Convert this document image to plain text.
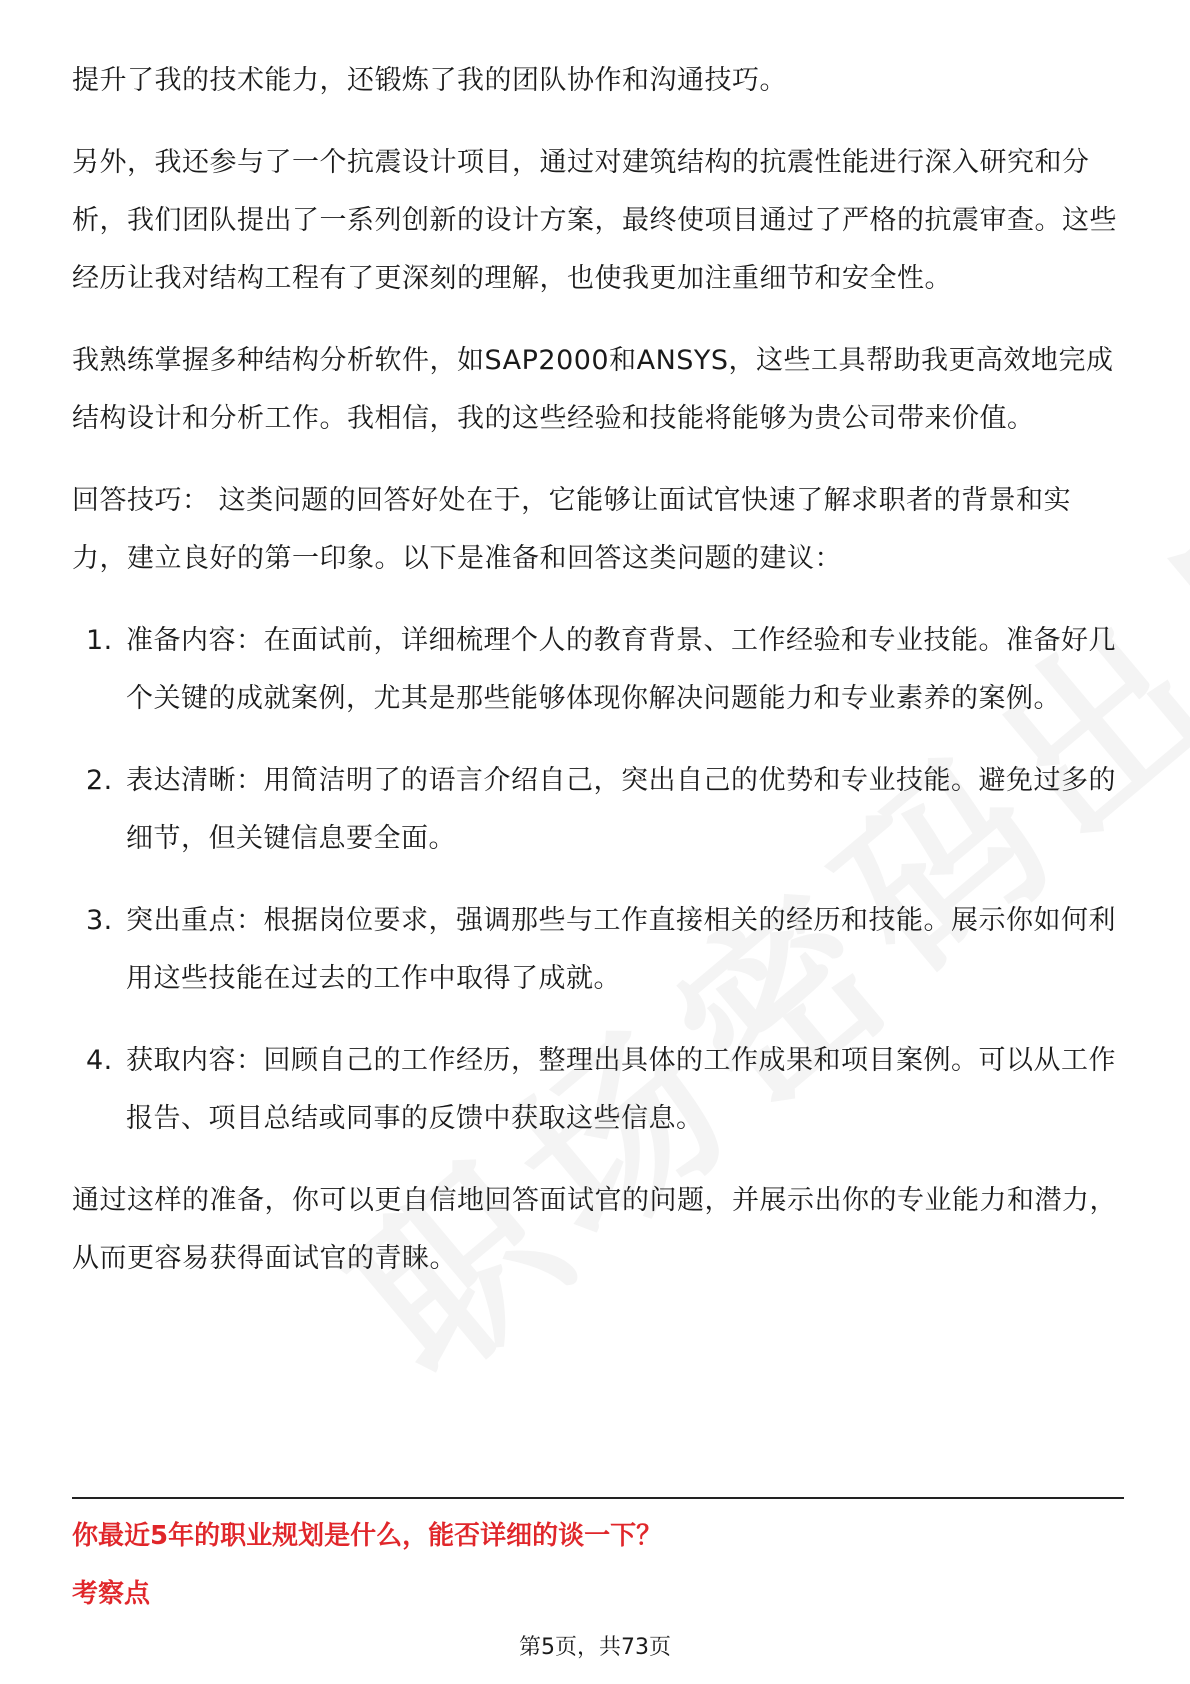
提升了我的技术能力，还锻炼了我的团队协作和沟通技巧。

另外，我还参与了一个抗震设计项目，通过对建筑结构的抗震性能进行深入研究和分析，我们团队提出了一系列创新的设计方案，最终使项目通过了严格的抗震审查。这些经历让我对结构工程有了更深刻的理解，也使我更加注重细节和安全性。

我熟练掌握多种结构分析软件，如SAP2000和ANSYS，这些工具帮助我更高效地完成结构设计和分析工作。我相信，我的这些经验和技能将能够为贵公司带来价值。

回答技巧： 这类问题的回答好处在于，它能够让面试官快速了解求职者的背景和实力，建立良好的第一印象。以下是准备和回答这类问题的建议：

1. 准备内容：在面试前，详细梳理个人的教育背景、工作经验和专业技能。准备好几个关键的成就案例，尤其是那些能够体现你解决问题能力和专业素养的案例。
2. 表达清晰：用简洁明了的语言介绍自己，突出自己的优势和专业技能。避免过多的细节，但关键信息要全面。
3. 突出重点：根据岗位要求，强调那些与工作直接相关的经历和技能。展示你如何利用这些技能在过去的工作中取得了成就。
4. 获取内容：回顾自己的工作经历，整理出具体的工作成果和项目案例。可以从工作报告、项目总结或同事的反馈中获取这些信息。

通过这样的准备，你可以更自信地回答面试官的问题，并展示出你的专业能力和潜力，从而更容易获得面试官的青睐。

你最近5年的职业规划是什么，能否详细的谈一下？
考察点
第5页，共73页
